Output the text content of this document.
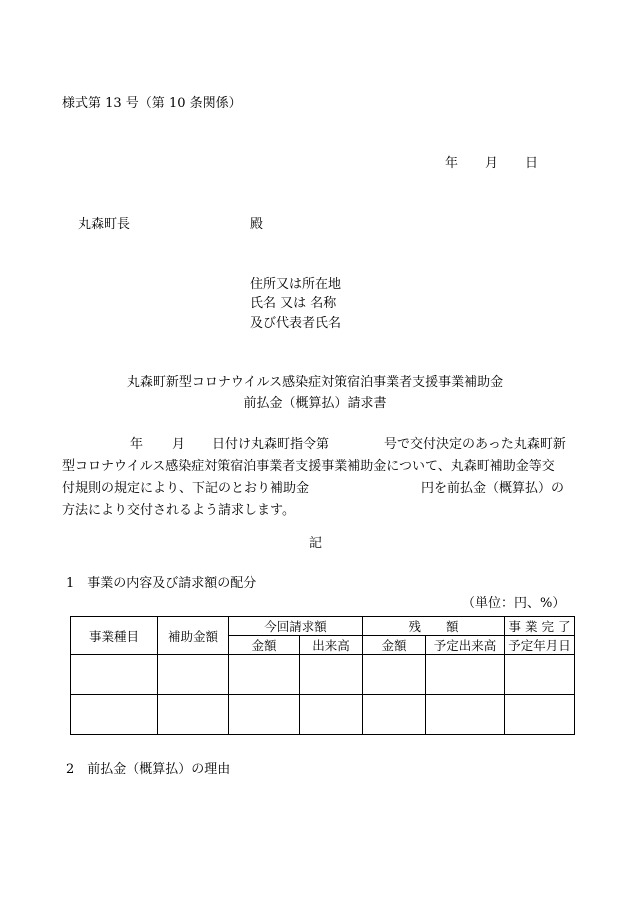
様式第 13 号（第 10 条関係）
年 月 日
丸森町長	殿
住所又は所在地
氏名 又は 名称
及び代表者氏名
丸森町新型コロナウイルス感染症対策宿泊事業者支援事業補助金
前払金（概算払）請求書
年 月 日付け丸森町指令第	号で交付決定のあった丸森町新
型コロナウイルス感染症対策宿泊事業者支援事業補助金について、丸森町補助金等交
付規則の規定により、下記のとおり補助金	円を前払金（概算払）の
方法により交付されるよう請求します。
記
1　事業の内容及び請求額の配分
（単位：円、%）
事業種目	補助金額	今回請求額		残　　額		事 業 完 了
		金額	出来高	金額	予定出来高	予定年月日

2　前払金（概算払）の理由
